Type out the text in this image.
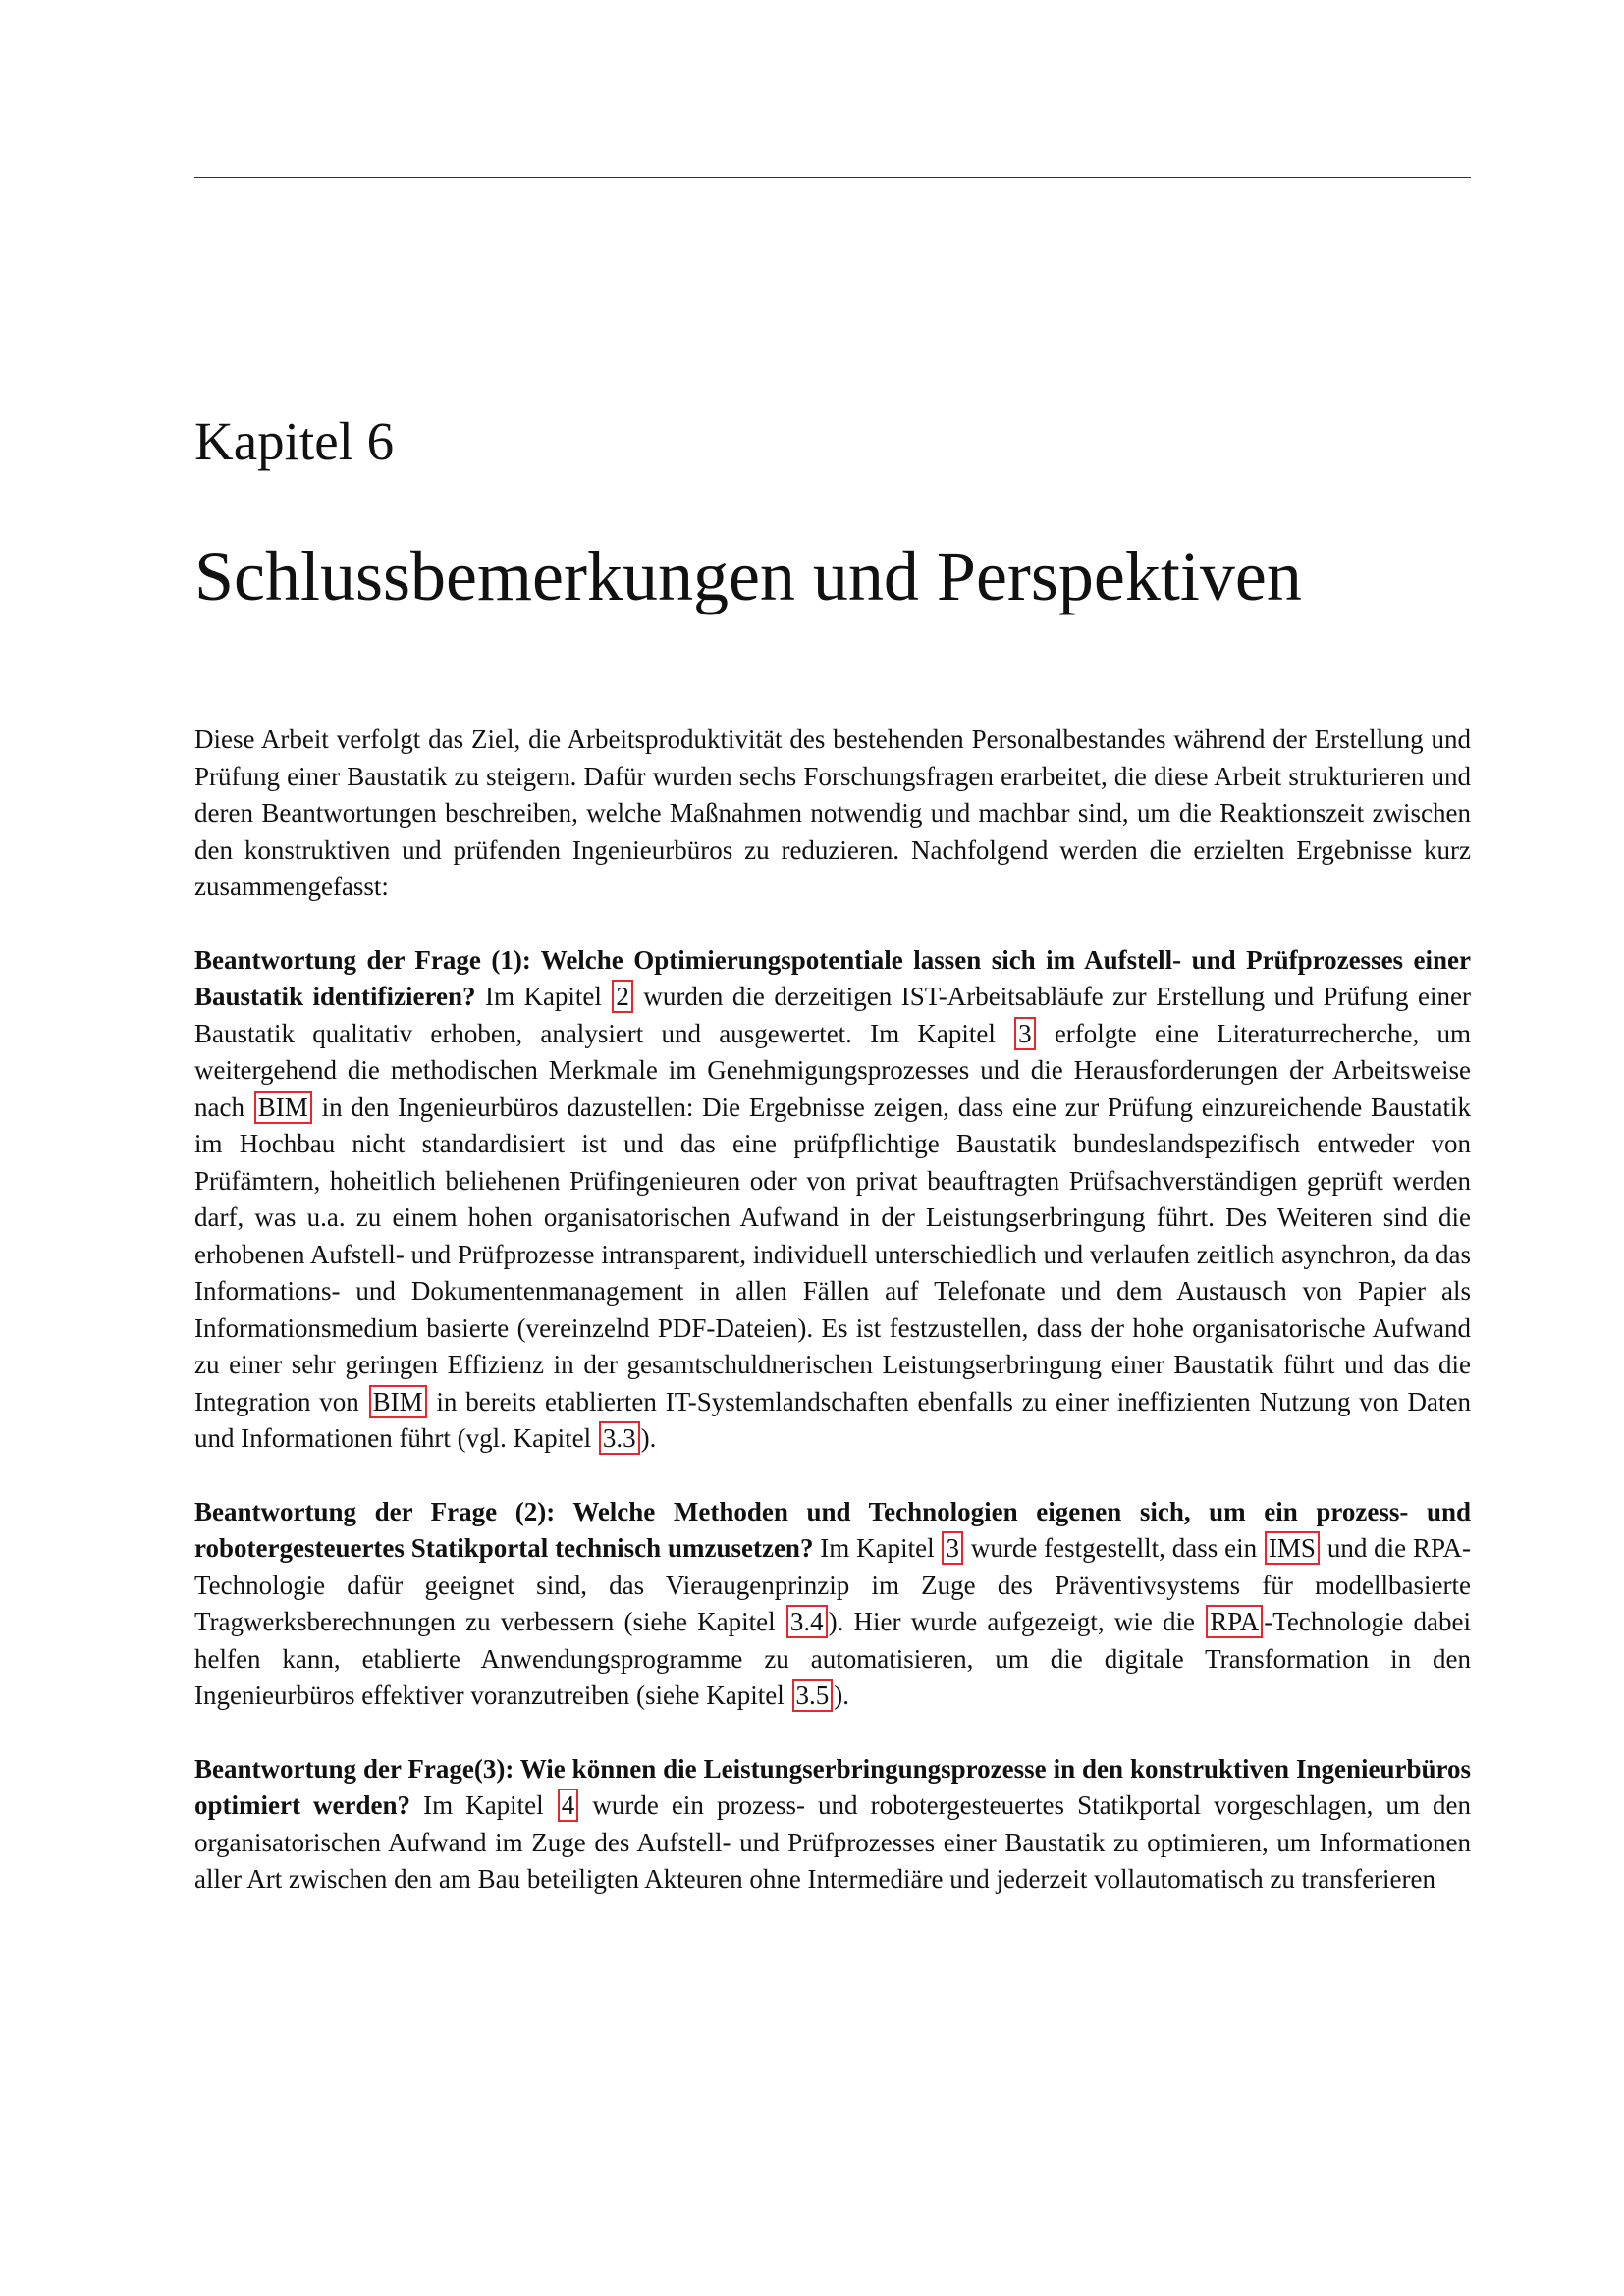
Kapitel 6
Schlussbemerkungen und Perspektiven

Diese Arbeit verfolgt das Ziel, die Arbeitsproduktivität des bestehenden Personalbestandes während der Erstellung und Prüfung einer Baustatik zu steigern. Dafür wurden sechs Forschungsfragen erarbeitet, die diese Arbeit strukturieren und deren Beantwortungen beschreiben, welche Maßnahmen notwendig und machbar sind, um die Reaktionszeit zwischen den konstruktiven und prüfenden Ingenieurbüros zu reduzieren. Nachfolgend werden die erzielten Ergebnisse kurz zusammengefasst:

Beantwortung der Frage (1): Welche Optimierungspotentiale lassen sich im Aufstell- und Prüfprozesses einer Baustatik identifizieren? Im Kapitel 2 wurden die derzeitigen IST-Arbeitsabläufe zur Erstellung und Prüfung einer Baustatik qualitativ erhoben, analysiert und ausgewertet. Im Kapitel 3 erfolgte eine Literaturrecherche, um weitergehend die methodischen Merkmale im Genehmigungsprozesses und die Herausforderungen der Arbeitsweise nach BIM in den Ingenieurbüros dazustellen: Die Ergebnisse zeigen, dass eine zur Prüfung einzureichende Baustatik im Hochbau nicht standardisiert ist und das eine prüfpflichtige Baustatik bundeslandspezifisch entweder von Prüfämtern, hoheitlich beliehenen Prüfingenieuren oder von privat beauftragten Prüfsachverständigen geprüft werden darf, was u.a. zu einem hohen organisatorischen Aufwand in der Leistungserbringung führt. Des Weiteren sind die erhobenen Aufstell- und Prüfprozesse intransparent, individuell unterschiedlich und verlaufen zeitlich asynchron, da das Informations- und Dokumentenmanagement in allen Fällen auf Telefonate und dem Austausch von Papier als Informationsmedium basierte (vereinzelnd PDF-Dateien). Es ist festzustellen, dass der hohe organisatorische Aufwand zu einer sehr geringen Effizienz in der gesamtschuldnerischen Leistungserbringung einer Baustatik führt und das die Integration von BIM in bereits etablierten IT-Systemlandschaften ebenfalls zu einer ineffizienten Nutzung von Daten und Informationen führt (vgl. Kapitel 3.3 ).

Beantwortung der Frage (2): Welche Methoden und Technologien eigenen sich, um ein prozess- und robotergesteuertes Statikportal technisch umzusetzen? Im Kapitel 3 wurde festgestellt, dass ein IMS und die RPA-Technologie dafür geeignet sind, das Vieraugenprinzip im Zuge des Präventivsystems für modellbasierte Tragwerksberechnungen zu verbessern (siehe Kapitel 3.4 ). Hier wurde aufgezeigt, wie die RPA -Technologie dabei helfen kann, etablierte Anwendungsprogramme zu automatisieren, um die digitale Transformation in den Ingenieurbüros effektiver voranzutreiben (siehe Kapitel 3.5 ).

Beantwortung der Frage(3): Wie können die Leistungserbringungsprozesse in den konstruktiven Ingenieurbüros optimiert werden? Im Kapitel 4 wurde ein prozess- und robotergesteuertes Statikportal vorgeschlagen, um den organisatorischen Aufwand im Zuge des Aufstell- und Prüfprozesses einer Baustatik zu optimieren, um Informationen aller Art zwischen den am Bau beteiligten Akteuren ohne Intermediäre und jederzeit vollautomatisch zu transferieren
